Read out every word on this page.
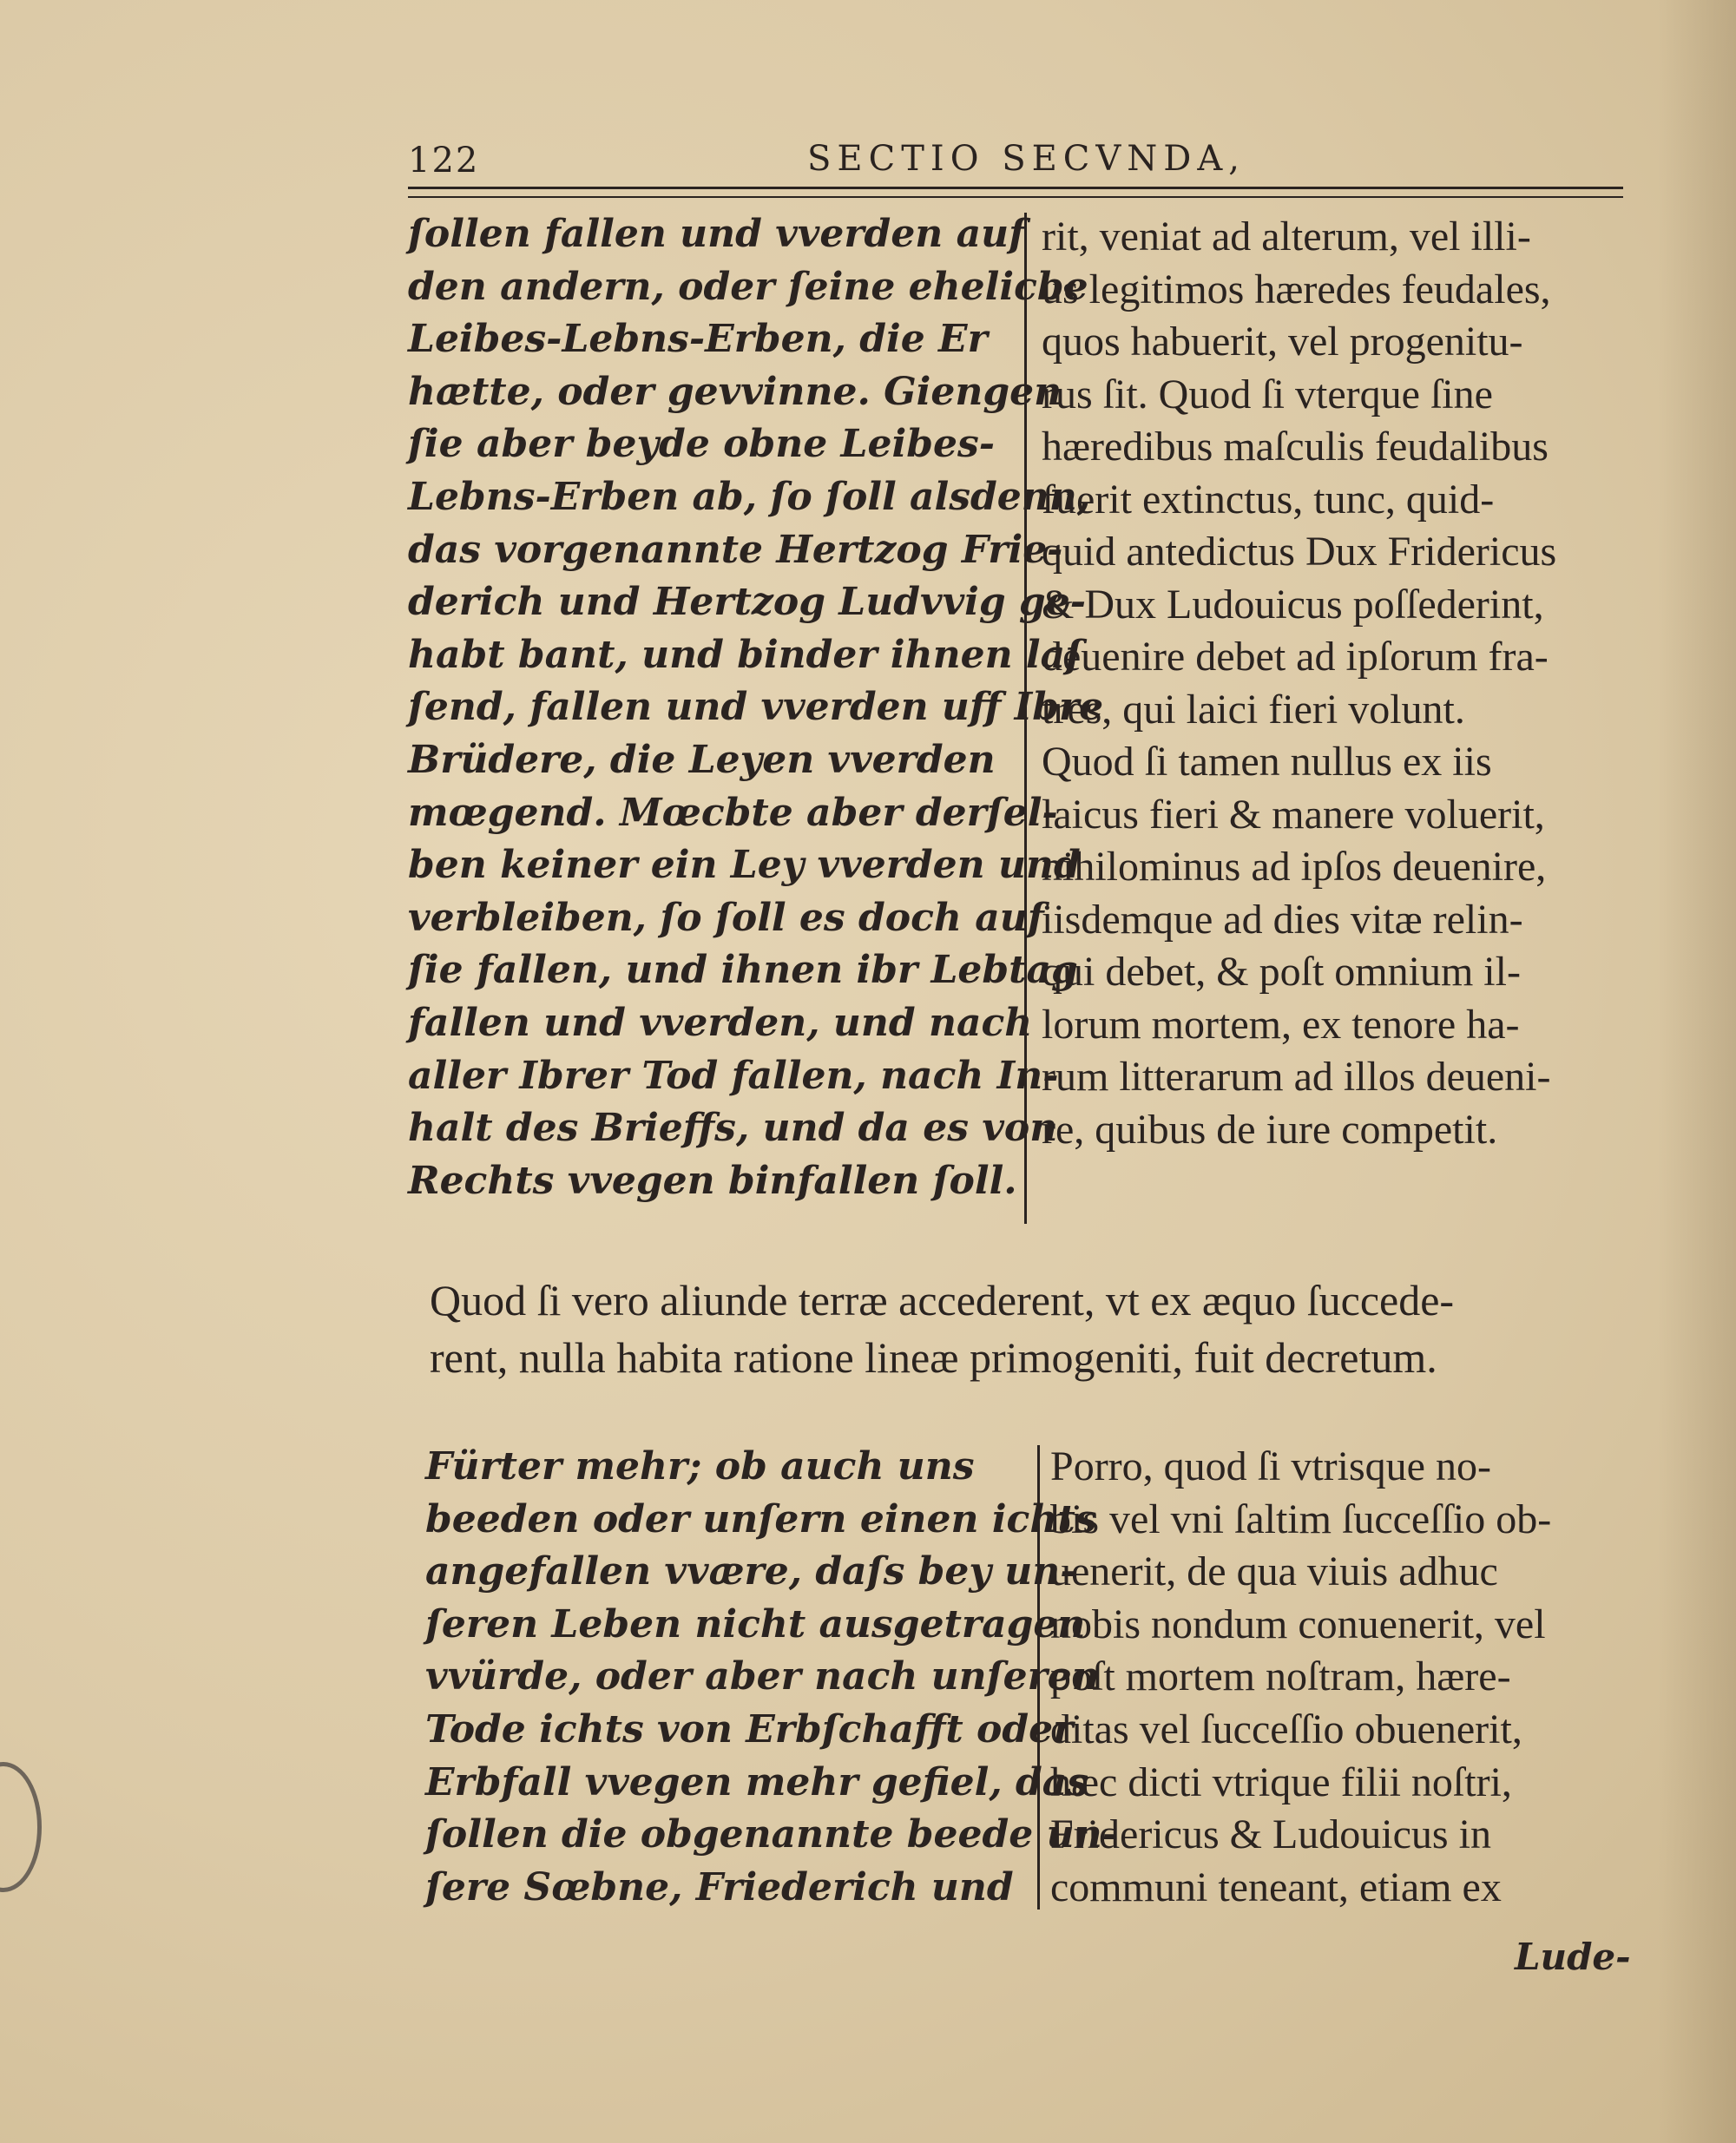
122	SECTIO SECVNDA,
ſollen fallen und vverden auf
den andern, oder ſeine ehelicbe
Leibes-Lebns-Erben, die Er
hætte, oder gevvinne. Giengen
ſie aber beyde obne Leibes-
Lebns-Erben ab, ſo ſoll alsdenn,
das vorgenannte Hertzog Frie-
derich und Hertzog Ludvvig ge-
habt bant, und binder ihnen laſ
ſend, fallen und vverden uff Ibre
Brüdere, die Leyen vverden
mœgend. Mœcbte aber derſel-
ben keiner ein Ley vverden und
verbleiben, ſo ſoll es doch auf
ſie fallen, und ihnen ibr Lebtag
fallen und vverden, und nach
aller Ibrer Tod fallen, nach In-
halt des Brieffs, und da es von
Rechts vvegen binfallen ſoll.
rit, veniat ad alterum, vel illi-
us legitimos hæredes feudales,
quos habuerit, vel progenitu-
rus ſit. Quod ſi vterque ſine
hæredibus maſculis feudalibus
fuerit extinctus, tunc, quid-
quid antedictus Dux Fridericus
& Dux Ludouicus poſſederint,
deuenire debet ad ipſorum fra-
tres, qui laici fieri volunt.
Quod ſi tamen nullus ex iis
laicus fieri & manere voluerit,
nihilominus ad ipſos deuenire,
iisdemque ad dies vitæ relin-
qui debet, & poſt omnium il-
lorum mortem, ex tenore ha-
rum litterarum ad illos deueni-
re, quibus de iure competit.
Quod ſi vero aliunde terræ accederent, vt ex æquo ſuccede-
rent, nulla habita ratione lineæ primogeniti, fuit decretum.
Fürter mehr; ob auch uns
beeden oder unſern einen ichts
angefallen vvære, daſs bey un-
ſeren Leben nicht ausgetragen
vvürde, oder aber nach unſeren
Tode ichts von Erbſchafft oder
Erbfall vvegen mehr gefiel, das
ſollen die obgenannte beede un-
ſere Sœbne, Friederich und
Porro, quod ſi vtrisque no-
bis vel vni ſaltim ſucceſſio ob-
uenerit, de qua viuis adhuc
nobis nondum conuenerit, vel
poſt mortem noſtram, hære-
ditas vel ſucceſſio obuenerit,
hæc dicti vtrique filii noſtri,
Fridericus & Ludouicus in
communi teneant, etiam ex
Lude-
